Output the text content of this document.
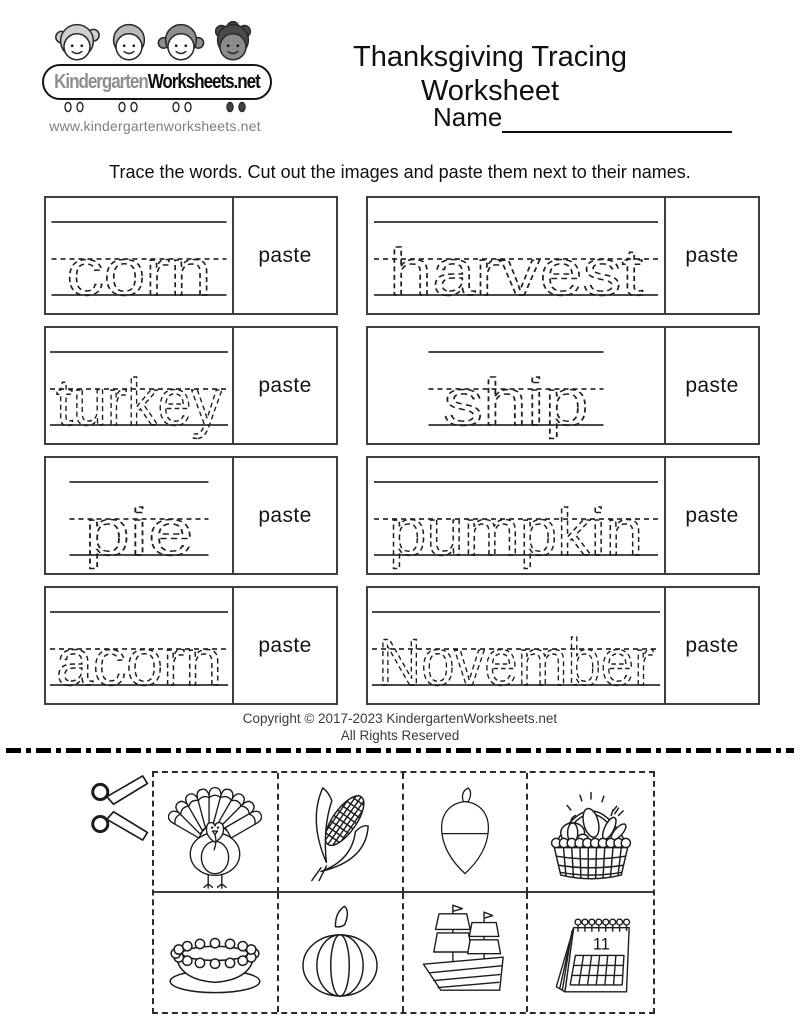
KindergartenWorksheets.net
www.kindergartenworksheets.net
Thanksgiving Tracing Worksheet
Name
Trace the words. Cut out the images and paste them next to their names.
corn	paste	harvest	paste
turkey	paste	ship	paste
pie	paste	pumpkin	paste
acorn	paste	November	paste
Copyright © 2017-2023 KindergartenWorksheets.net
All Rights Reserved
11
